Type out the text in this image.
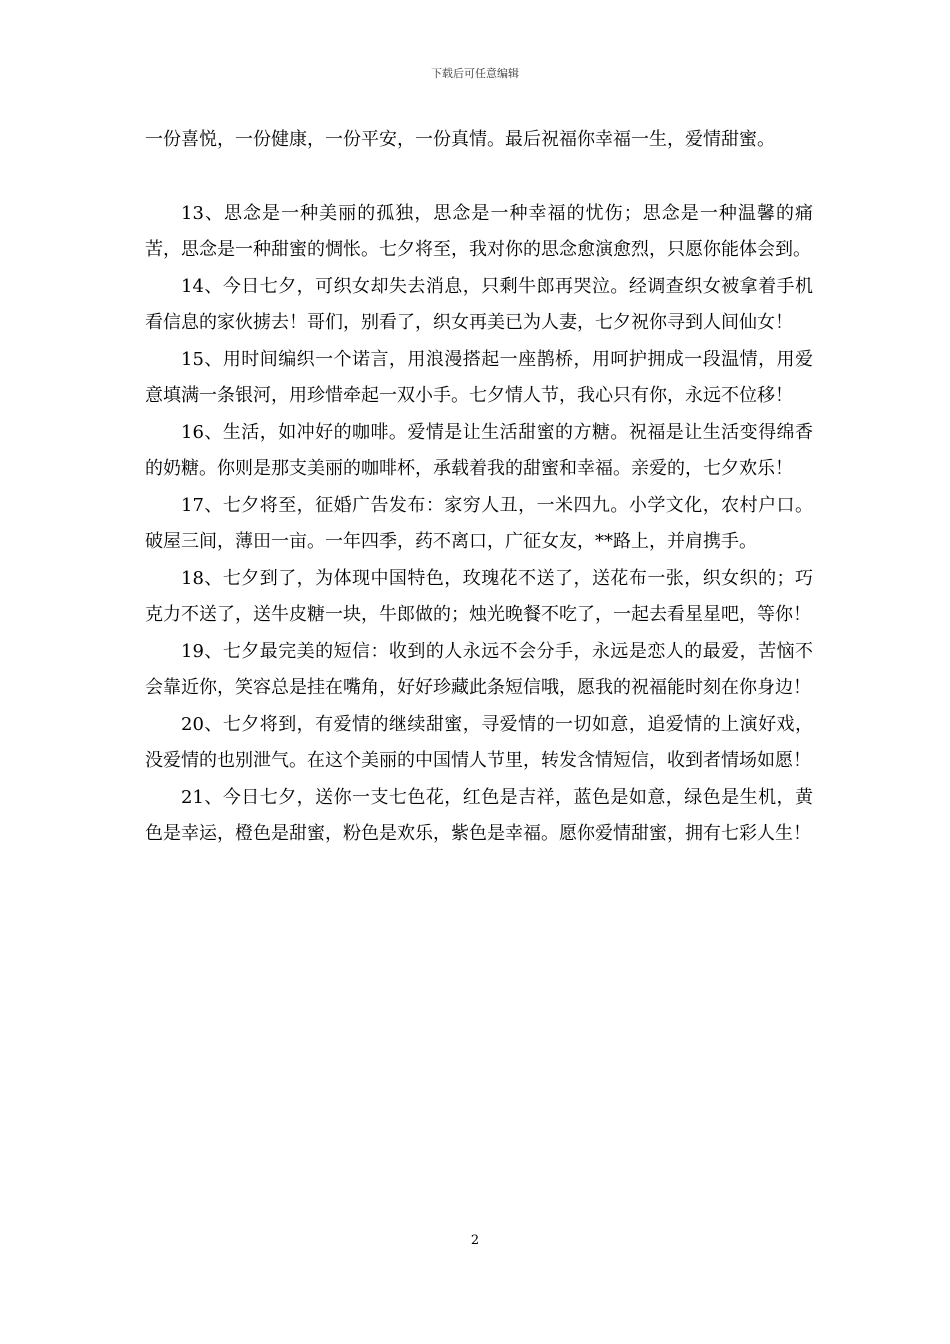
下载后可任意编辑
一份喜悦，一份健康，一份平安，一份真情。最后祝福你幸福一生，爱情甜蜜。

13、思念是一种美丽的孤独，思念是一种幸福的忧伤；思念是一种温馨的痛苦，思念是一种甜蜜的惆怅。七夕将至，我对你的思念愈演愈烈，只愿你能体会到。

14、今日七夕，可织女却失去消息，只剩牛郎再哭泣。经调查织女被拿着手机看信息的家伙掳去！哥们，别看了，织女再美已为人妻，七夕祝你寻到人间仙女！

15、用时间编织一个诺言，用浪漫搭起一座鹊桥，用呵护拥成一段温情，用爱意填满一条银河，用珍惜牵起一双小手。七夕情人节，我心只有你，永远不位移！

16、生活，如冲好的咖啡。爱情是让生活甜蜜的方糖。祝福是让生活变得绵香的奶糖。你则是那支美丽的咖啡杯，承载着我的甜蜜和幸福。亲爱的，七夕欢乐！

17、七夕将至，征婚广告发布：家穷人丑，一米四九。小学文化，农村户口。破屋三间，薄田一亩。一年四季，药不离口，广征女友，**路上，并肩携手。

18、七夕到了，为体现中国特色，玫瑰花不送了，送花布一张，织女织的；巧克力不送了，送牛皮糖一块，牛郎做的；烛光晚餐不吃了，一起去看星星吧，等你！

19、七夕最完美的短信：收到的人永远不会分手，永远是恋人的最爱，苦恼不会靠近你，笑容总是挂在嘴角，好好珍藏此条短信哦，愿我的祝福能时刻在你身边！

20、七夕将到，有爱情的继续甜蜜，寻爱情的一切如意，追爱情的上演好戏，没爱情的也别泄气。在这个美丽的中国情人节里，转发含情短信，收到者情场如愿！

21、今日七夕，送你一支七色花，红色是吉祥，蓝色是如意，绿色是生机，黄色是幸运，橙色是甜蜜，粉色是欢乐，紫色是幸福。愿你爱情甜蜜，拥有七彩人生！

2
